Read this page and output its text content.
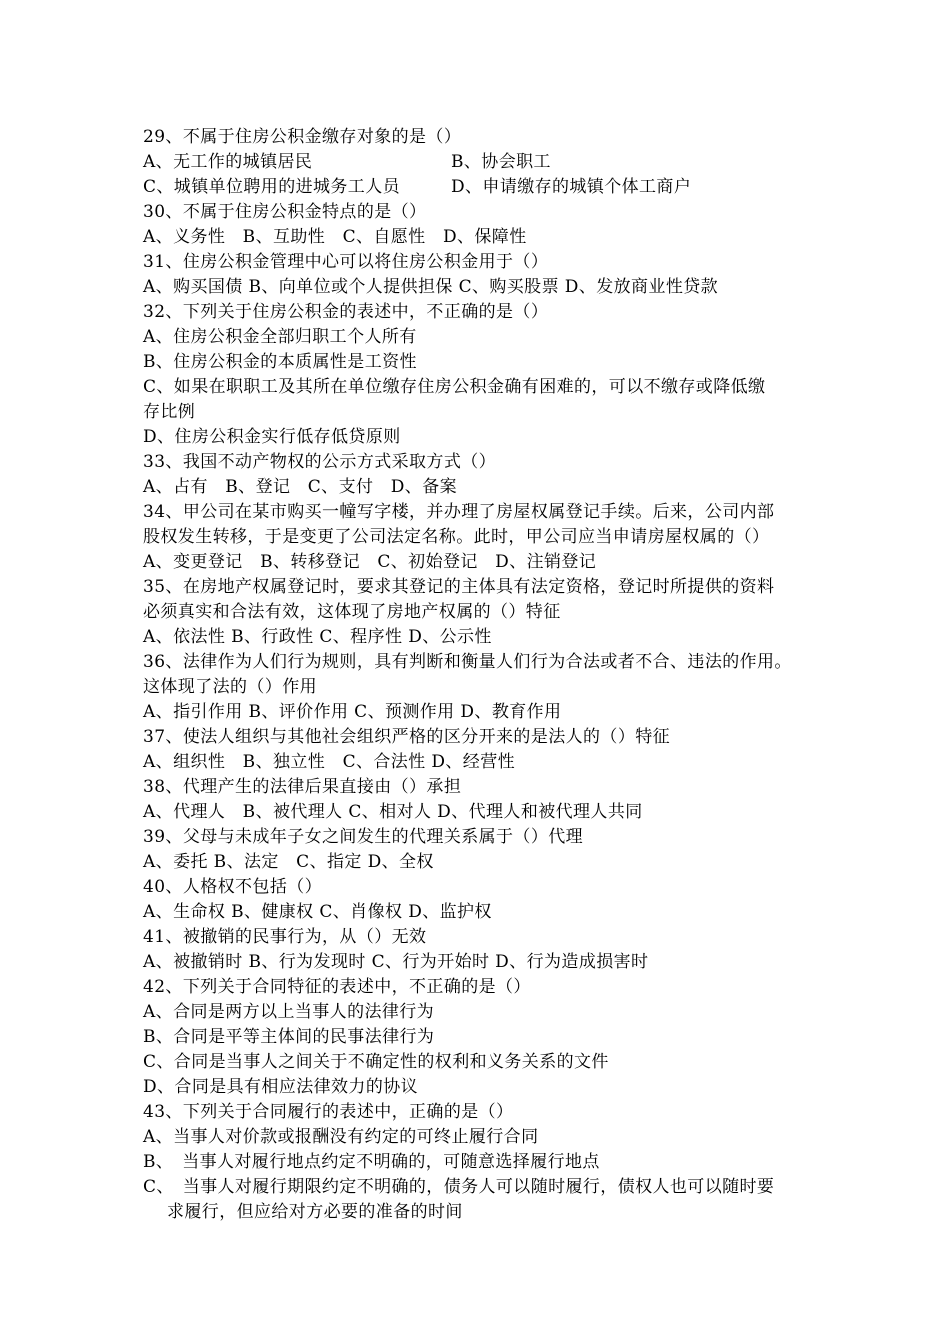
29、不属于住房公积金缴存对象的是（）
A、无工作的城镇居民	B、协会职工
C、城镇单位聘用的进城务工人员	D、申请缴存的城镇个体工商户
30、不属于住房公积金特点的是（）
A、义务性　B、互助性　C、自愿性　D、保障性
31、住房公积金管理中心可以将住房公积金用于（）
A、购买国债 B、向单位或个人提供担保 C、购买股票 D、发放商业性贷款
32、下列关于住房公积金的表述中，不正确的是（）
A、住房公积金全部归职工个人所有
B、住房公积金的本质属性是工资性
C、如果在职职工及其所在单位缴存住房公积金确有困难的，可以不缴存或降低缴
存比例
D、住房公积金实行低存低贷原则
33、我国不动产物权的公示方式采取方式（）
A、占有　B、登记　C、支付　D、备案
34、甲公司在某市购买一幢写字楼，并办理了房屋权属登记手续。后来，公司内部
股权发生转移，于是变更了公司法定名称。此时，甲公司应当申请房屋权属的（）
A、变更登记　B、转移登记　C、初始登记　D、注销登记
35、在房地产权属登记时，要求其登记的主体具有法定资格，登记时所提供的资料
必须真实和合法有效，这体现了房地产权属的（）特征
A、依法性 B、行政性 C、程序性 D、公示性
36、法律作为人们行为规则，具有判断和衡量人们行为合法或者不合、违法的作用。
这体现了法的（）作用
A、指引作用 B、评价作用 C、预测作用 D、教育作用
37、使法人组织与其他社会组织严格的区分开来的是法人的（）特征
A、组织性　B、独立性　C、合法性 D、经营性
38、代理产生的法律后果直接由（）承担
A、代理人　B、被代理人 C、相对人 D、代理人和被代理人共同
39、父母与未成年子女之间发生的代理关系属于（）代理
A、委托 B、法定　C、指定 D、全权
40、人格权不包括（）
A、生命权 B、健康权 C、肖像权 D、监护权
41、被撤销的民事行为，从（）无效
A、被撤销时 B、行为发现时 C、行为开始时 D、行为造成损害时
42、下列关于合同特征的表述中，不正确的是（）
A、合同是两方以上当事人的法律行为
B、合同是平等主体间的民事法律行为
C、合同是当事人之间关于不确定性的权利和义务关系的文件
D、合同是具有相应法律效力的协议
43、下列关于合同履行的表述中，正确的是（）
A、当事人对价款或报酬没有约定的可终止履行合同
B、　当事人对履行地点约定不明确的，可随意选择履行地点
C、　当事人对履行期限约定不明确的，债务人可以随时履行，债权人也可以随时要
求履行，但应给对方必要的准备的时间
